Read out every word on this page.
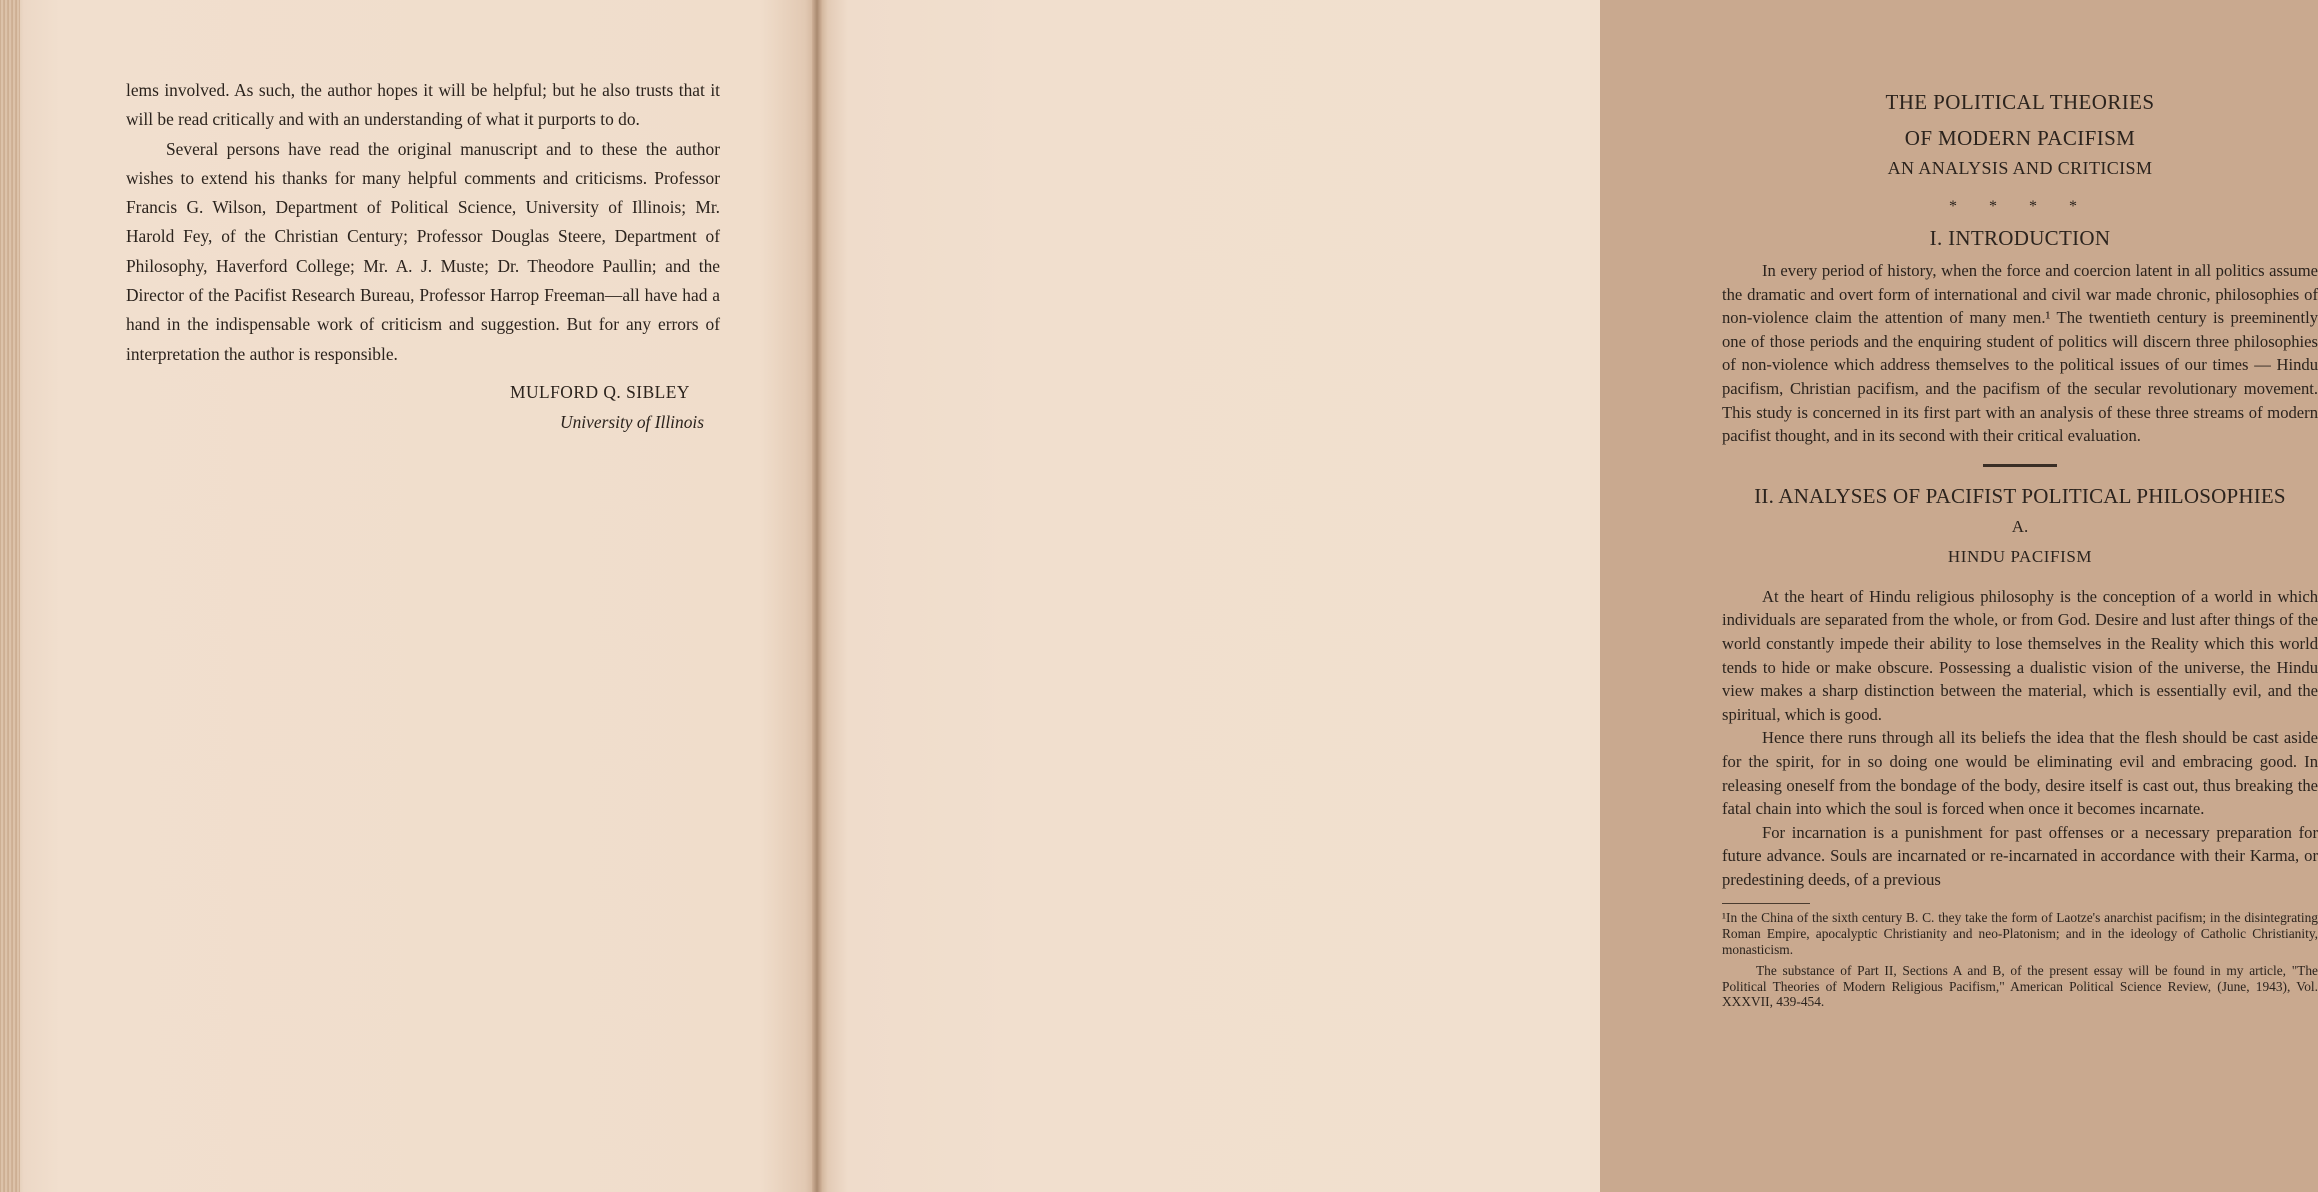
lems involved. As such, the author hopes it will be helpful; but he also trusts that it will be read critically and with an understanding of what it purports to do.

Several persons have read the original manuscript and to these the author wishes to extend his thanks for many helpful comments and criticisms. Professor Francis G. Wilson, Department of Political Science, University of Illinois; Mr. Harold Fey, of the Christian Century; Professor Douglas Steere, Department of Philosophy, Haverford College; Mr. A. J. Muste; Dr. Theodore Paullin; and the Director of the Pacifist Research Bureau, Professor Harrop Freeman—all have had a hand in the indispensable work of criticism and suggestion. But for any errors of interpretation the author is responsible.

MULFORD Q. SIBLEY
University of Illinois
THE POLITICAL THEORIES
OF MODERN PACIFISM
AN ANALYSIS AND CRITICISM
* * * *
I. INTRODUCTION

In every period of history, when the force and coercion latent in all politics assume the dramatic and overt form of international and civil war made chronic, philosophies of non-violence claim the attention of many men.¹ The twentieth century is preeminently one of those periods and the enquiring student of politics will discern three philosophies of non-violence which address themselves to the political issues of our times — Hindu pacifism, Christian pacifism, and the pacifism of the secular revolutionary movement. This study is concerned in its first part with an analysis of these three streams of modern pacifist thought, and in its second with their critical evaluation.

II. ANALYSES OF PACIFIST POLITICAL PHILOSOPHIES
A.
HINDU PACIFISM

At the heart of Hindu religious philosophy is the conception of a world in which individuals are separated from the whole, or from God. Desire and lust after things of the world constantly impede their ability to lose themselves in the Reality which this world tends to hide or make obscure. Possessing a dualistic vision of the universe, the Hindu view makes a sharp distinction between the material, which is essentially evil, and the spiritual, which is good.

Hence there runs through all its beliefs the idea that the flesh should be cast aside for the spirit, for in so doing one would be eliminating evil and embracing good. In releasing oneself from the bondage of the body, desire itself is cast out, thus breaking the fatal chain into which the soul is forced when once it becomes incarnate.

For incarnation is a punishment for past offenses or a necessary preparation for future advance. Souls are incarnated or re-incarnated in accordance with their Karma, or predestining deeds, of a previous

¹In the China of the sixth century B. C. they take the form of Laotze's anarchist pacifism; in the disintegrating Roman Empire, apocalyptic Christianity and neo-Platonism; and in the ideology of Catholic Christianity, monasticism.

The substance of Part II, Sections A and B, of the present essay will be found in my article, "The Political Theories of Modern Religious Pacifism," American Political Science Review, (June, 1943), Vol. XXXVII, 439-454.
